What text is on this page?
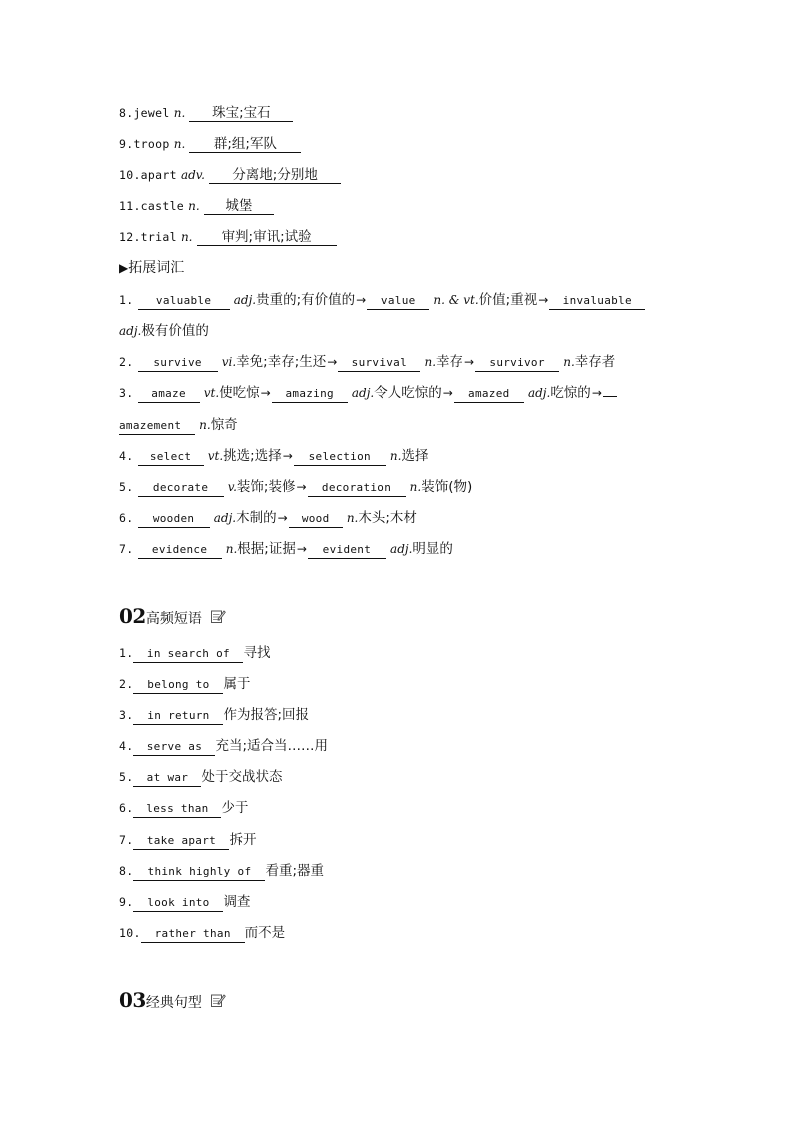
8.jewel n. 珠宝;宝石
9.troop n. 群;组;军队
10.apart adv. 分离地;分别地
11.castle n. 城堡
12.trial n. 审判;审讯;试验
▶拓展词汇
1. valuable adj.贵重的;有价值的→ value n. & vt.价值;重视→ invaluable
adj.极有价值的
2. survive vi.幸免;幸存;生还→ survival n.幸存→ survivor n.幸存者
3. amaze vt.使吃惊→ amazing adj.令人吃惊的→ amazed adj.吃惊的→
amazement n.惊奇
4. select vt.挑选;选择→ selection n.选择
5. decorate v.装饰;装修→ decoration n.装饰(物)
6. wooden adj.木制的→ wood n.木头;木材
7. evidence n.根据;证据→ evident adj.明显的
02高频短语
1. in search of 寻找
2. belong to 属于
3. in return 作为报答;回报
4. serve as 充当;适合当……用
5. at war 处于交战状态
6. less than 少于
7. take apart 拆开
8. think highly of 看重;器重
9. look into 调查
10. rather than 而不是
03经典句型
